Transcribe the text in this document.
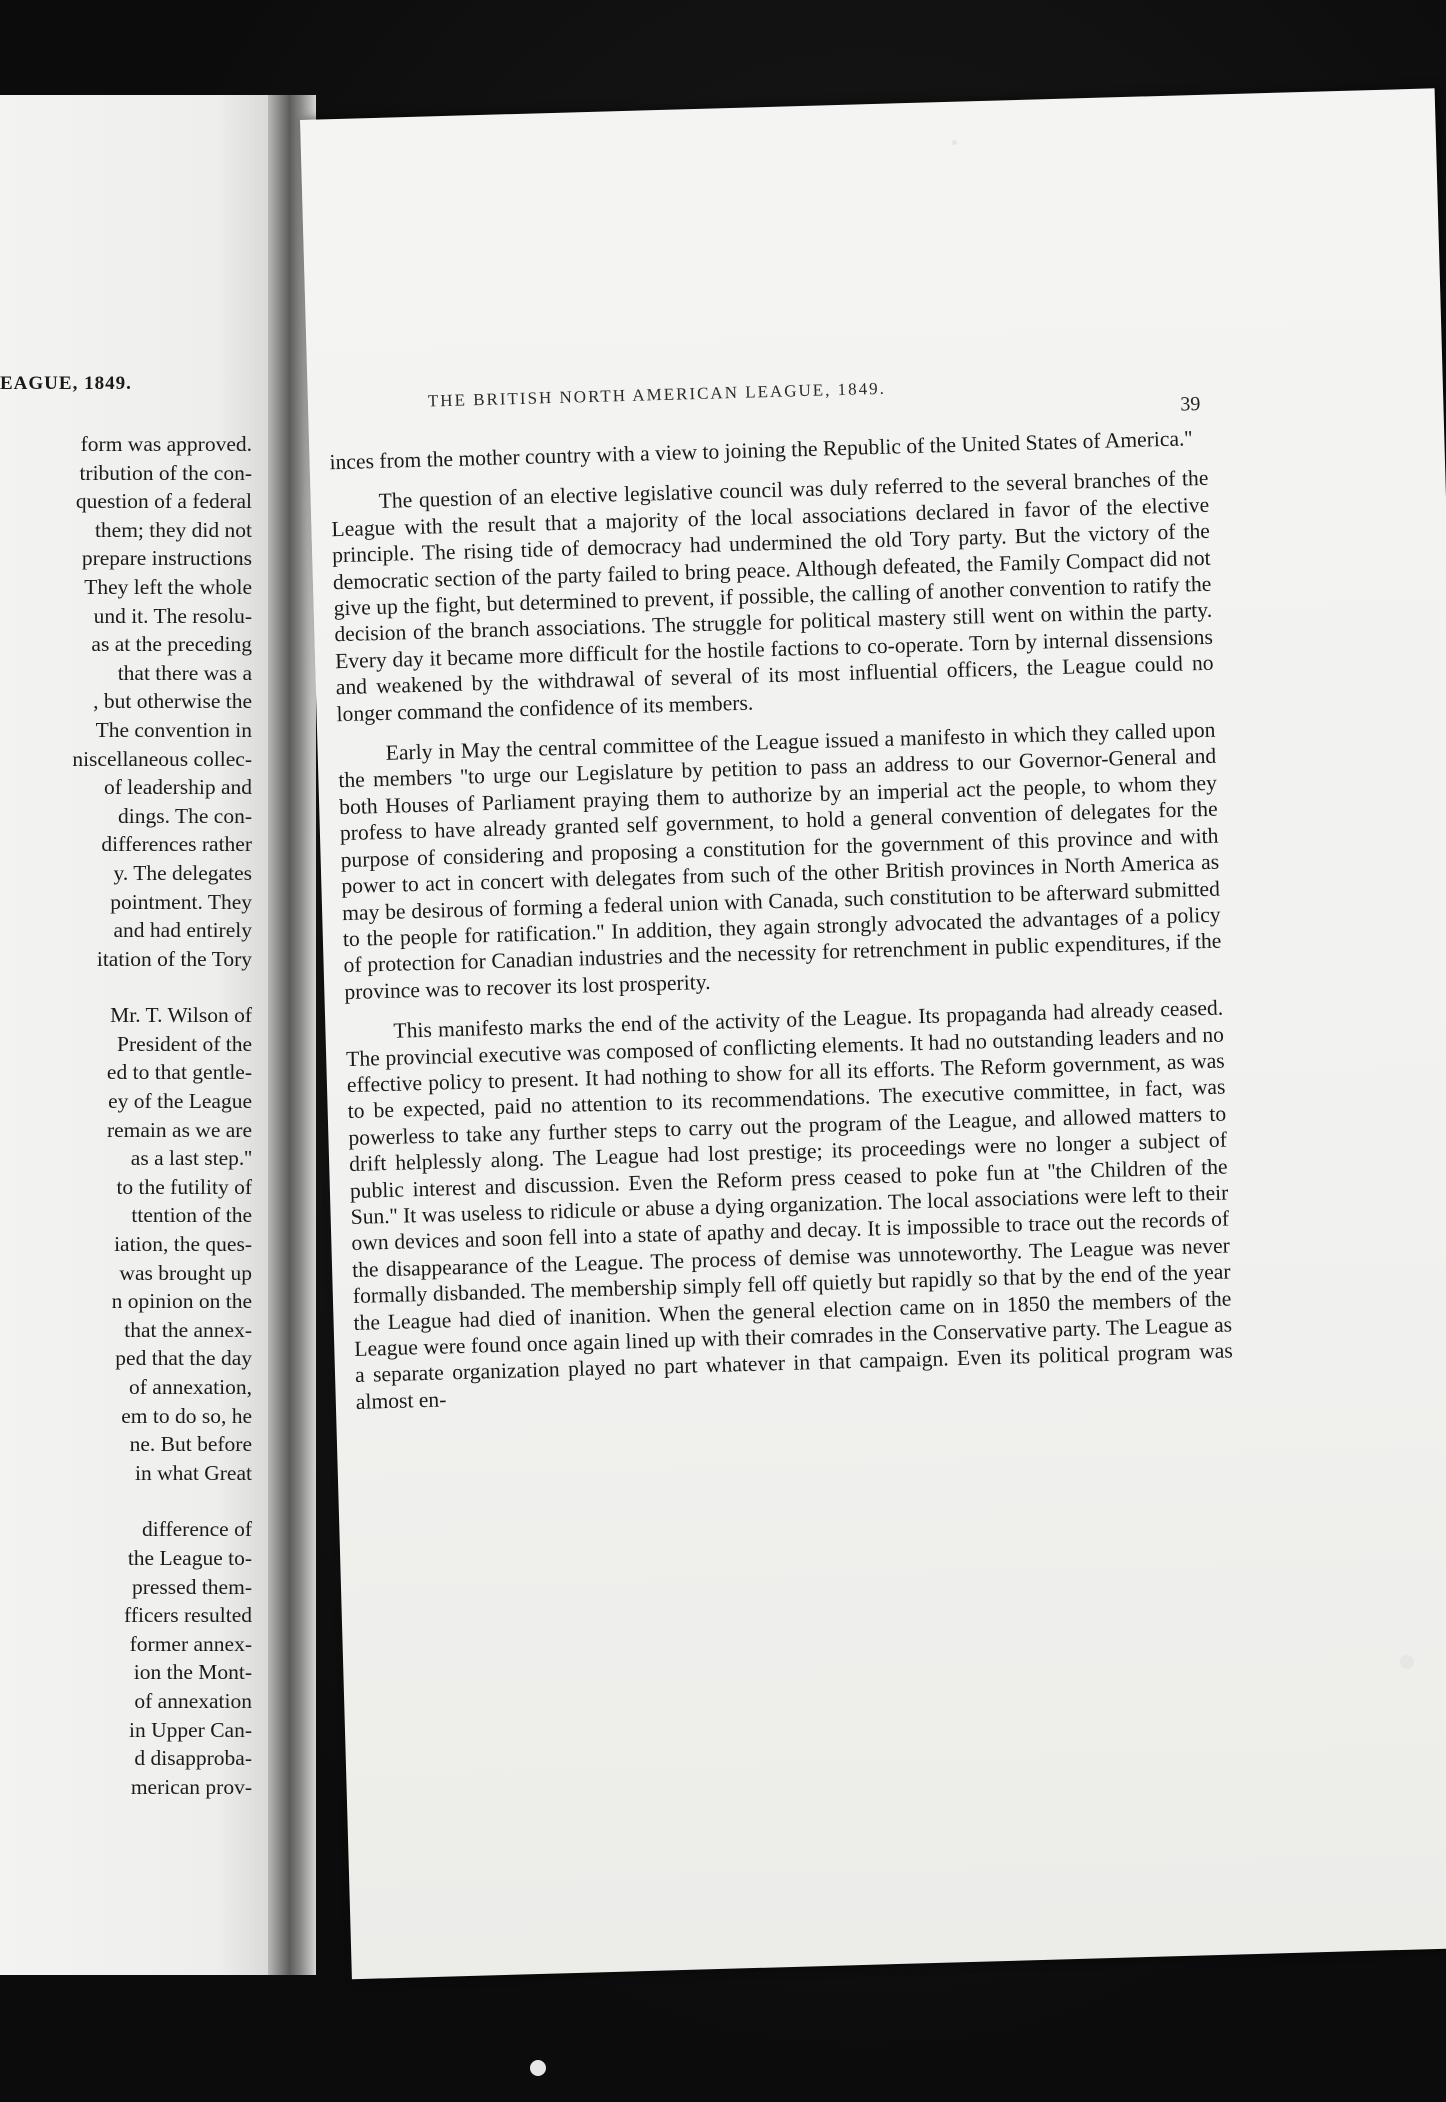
EAGUE, 1849.
form was approved.
tribution of the con-
question of a federal
them; they did not
prepare instructions
They left the whole
und it. The resolu-
as at the preceding
that there was a
, but otherwise the
The convention in
niscellaneous collec-
of leadership and
dings. The con-
differences rather
y. The delegates
pointment. They
and had entirely
itation of the Tory
Mr. T. Wilson of
President of the
ed to that gentle-
ey of the League
remain as we are
as a last step.''
to the futility of
ttention of the
iation, the ques-
was brought up
n opinion on the
that the annex-
ped that the day
of annexation,
em to do so, he
ne. But before
in what Great
difference of
the League to-
pressed them-
fficers resulted
former annex-
ion the Mont-
of annexation
in Upper Can-
d disapproba-
merican prov-
THE BRITISH NORTH AMERICAN LEAGUE, 1849.	39

inces from the mother country with a view to joining the Republic of the United States of America.''

The question of an elective legislative council was duly referred to the several branches of the League with the result that a majority of the local associations declared in favor of the elective principle. The rising tide of democracy had undermined the old Tory party. But the victory of the democratic section of the party failed to bring peace. Although defeated, the Family Compact did not give up the fight, but determined to prevent, if possible, the calling of another convention to ratify the decision of the branch associations. The struggle for political mastery still went on within the party. Every day it became more difficult for the hostile factions to co-operate. Torn by internal dissensions and weakened by the withdrawal of several of its most influential officers, the League could no longer command the confidence of its members.

Early in May the central committee of the League issued a manifesto in which they called upon the members ''to urge our Legislature by petition to pass an address to our Governor-General and both Houses of Parliament praying them to authorize by an imperial act the people, to whom they profess to have already granted self government, to hold a general convention of delegates for the purpose of considering and proposing a constitution for the government of this province and with power to act in concert with delegates from such of the other British provinces in North America as may be desirous of forming a federal union with Canada, such constitution to be afterward submitted to the people for ratification.'' In addition, they again strongly advocated the advantages of a policy of protection for Canadian industries and the necessity for retrenchment in public expenditures, if the province was to recover its lost prosperity.

This manifesto marks the end of the activity of the League. Its propaganda had already ceased. The provincial executive was composed of conflicting elements. It had no outstanding leaders and no effective policy to present. It had nothing to show for all its efforts. The Reform government, as was to be expected, paid no attention to its recommendations. The executive committee, in fact, was powerless to take any further steps to carry out the program of the League, and allowed matters to drift helplessly along. The League had lost prestige; its proceedings were no longer a subject of public interest and discussion. Even the Reform press ceased to poke fun at ''the Children of the Sun.'' It was useless to ridicule or abuse a dying organization. The local associations were left to their own devices and soon fell into a state of apathy and decay. It is impossible to trace out the records of the disappearance of the League. The process of demise was unnoteworthy. The League was never formally disbanded. The membership simply fell off quietly but rapidly so that by the end of the year the League had died of inanition. When the general election came on in 1850 the members of the League were found once again lined up with their comrades in the Conservative party. The League as a separate organization played no part whatever in that campaign. Even its political program was almost en-
